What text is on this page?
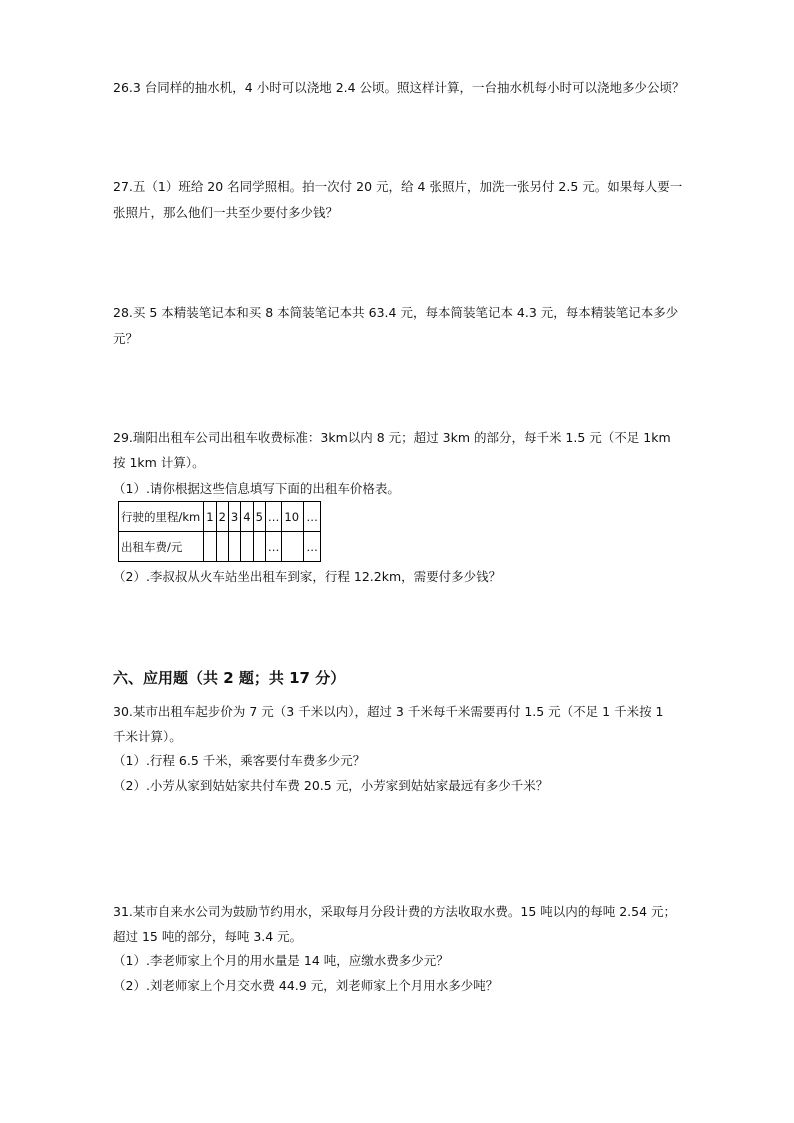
26.3 台同样的抽水机，4 小时可以浇地 2.4 公顷。照这样计算，一台抽水机每小时可以浇地多少公顷？
27.五（1）班给 20 名同学照相。拍一次付 20 元，给 4 张照片，加洗一张另付 2.5 元。如果每人要一
张照片，那么他们一共至少要付多少钱？
28.买 5 本精装笔记本和买 8 本简装笔记本共 63.4 元，每本简装笔记本 4.3 元，每本精装笔记本多少
元？
29.瑞阳出租车公司出租车收费标准：3km以内 8 元；超过 3km 的部分，每千米 1.5 元（不足 1km
按 1km 计算）。
（1）.请你根据这些信息填写下面的出租车价格表。
行驶的里程/km	1	2	3	4	5	…	10	…
出租车费/元						…		…
（2）.李叔叔从火车站坐出租车到家，行程 12.2km，需要付多少钱？
六、应用题（共 2 题；共 17 分）
30.某市出租车起步价为 7 元（3 千米以内），超过 3 千米每千米需要再付 1.5 元（不足 1 千米按 1
千米计算）。
（1）.行程 6.5 千米，乘客要付车费多少元？
（2）.小芳从家到姑姑家共付车费 20.5 元，小芳家到姑姑家最远有多少千米？
31.某市自来水公司为鼓励节约用水，采取每月分段计费的方法收取水费。15 吨以内的每吨 2.54 元；
超过 15 吨的部分，每吨 3.4 元。
（1）.李老师家上个月的用水量是 14 吨，应缴水费多少元？
（2）.刘老师家上个月交水费 44.9 元，刘老师家上个月用水多少吨？
